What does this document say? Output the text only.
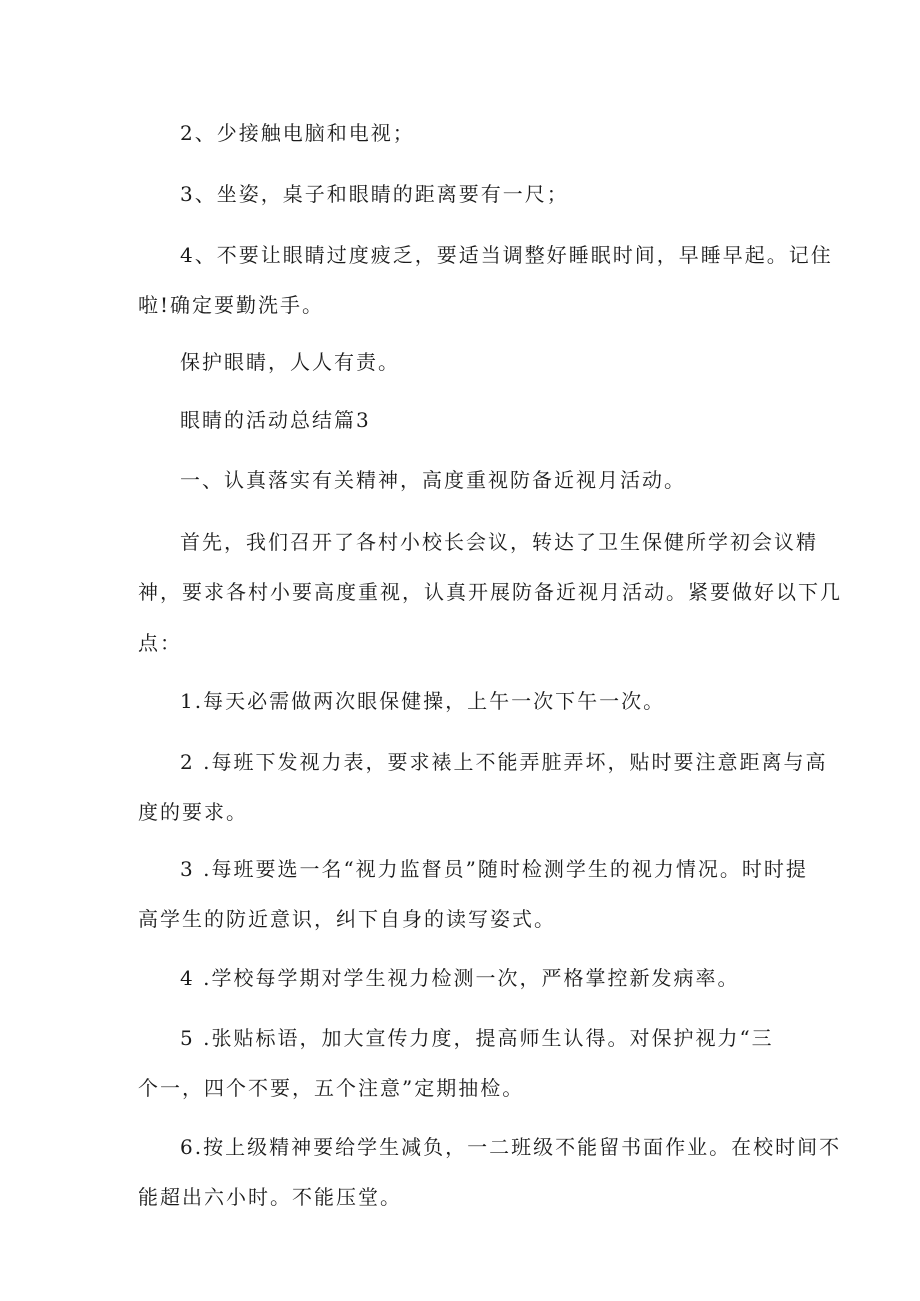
2、少接触电脑和电视；
3、坐姿，桌子和眼睛的距离要有一尺；
4、不要让眼睛过度疲乏，要适当调整好睡眠时间，早睡早起。记住
啦!确定要勤洗手。
保护眼睛，人人有责。
眼睛的活动总结篇3
一、认真落实有关精神，高度重视防备近视月活动。
首先，我们召开了各村小校长会议，转达了卫生保健所学初会议精
神，要求各村小要高度重视，认真开展防备近视月活动。紧要做好以下几
点：
1.每天必需做两次眼保健操，上午一次下午一次。
2 .每班下发视力表，要求裱上不能弄脏弄坏，贴时要注意距离与高
度的要求。
3 .每班要选一名“视力监督员”随时检测学生的视力情况。时时提
高学生的防近意识，纠下自身的读写姿式。
4 .学校每学期对学生视力检测一次，严格掌控新发病率。
5 .张贴标语，加大宣传力度，提高师生认得。对保护视力“三
个一，四个不要，五个注意”定期抽检。
6.按上级精神要给学生减负，一二班级不能留书面作业。在校时间不
能超出六小时。不能压堂。
